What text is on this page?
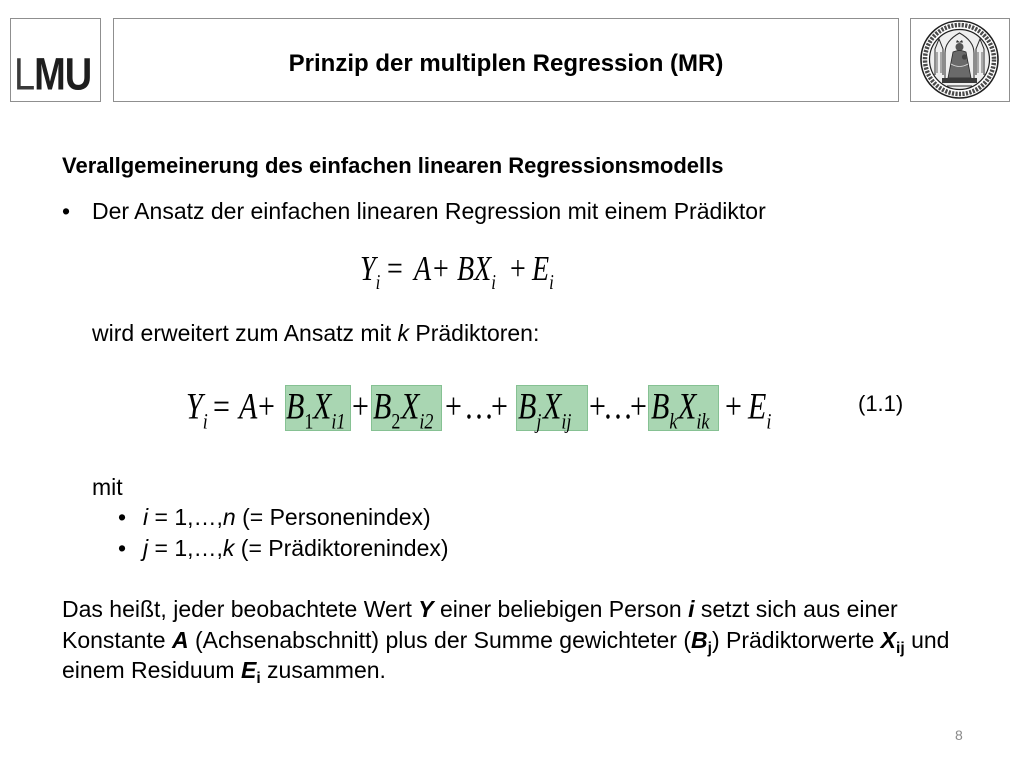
LMU	Prinzip der multiplen Regression (MR)
Verallgemeinerung des einfachen linearen Regressionsmodells
• Der Ansatz der einfachen linearen Regression mit einem Prädiktor
$Y_i = A + BX_i + E_i$
wird erweitert zum Ansatz mit k Prädiktoren:
$Y_i = A + B_1$ $X_{i1} + B_2$ $X_{i2}$ + …
+ $B_j$ $X_{ij}$ +
…
+ $B_k$ $X_{ik} + E_i$
(1.1)
mit
• i = 1,…,n (= Personenindex)
• j = 1,…,k (= Prädiktorenindex)
Das heißt, jeder beobachtete Wert Y einer beliebigen Person i setzt sich aus einer
Konstante A (Achsenabschnitt) plus der Summe gewichteter $(B_j)$ Prädiktorwerte $X_{ij}$ und
einem Residuum $E_i$ zusammen.
8
